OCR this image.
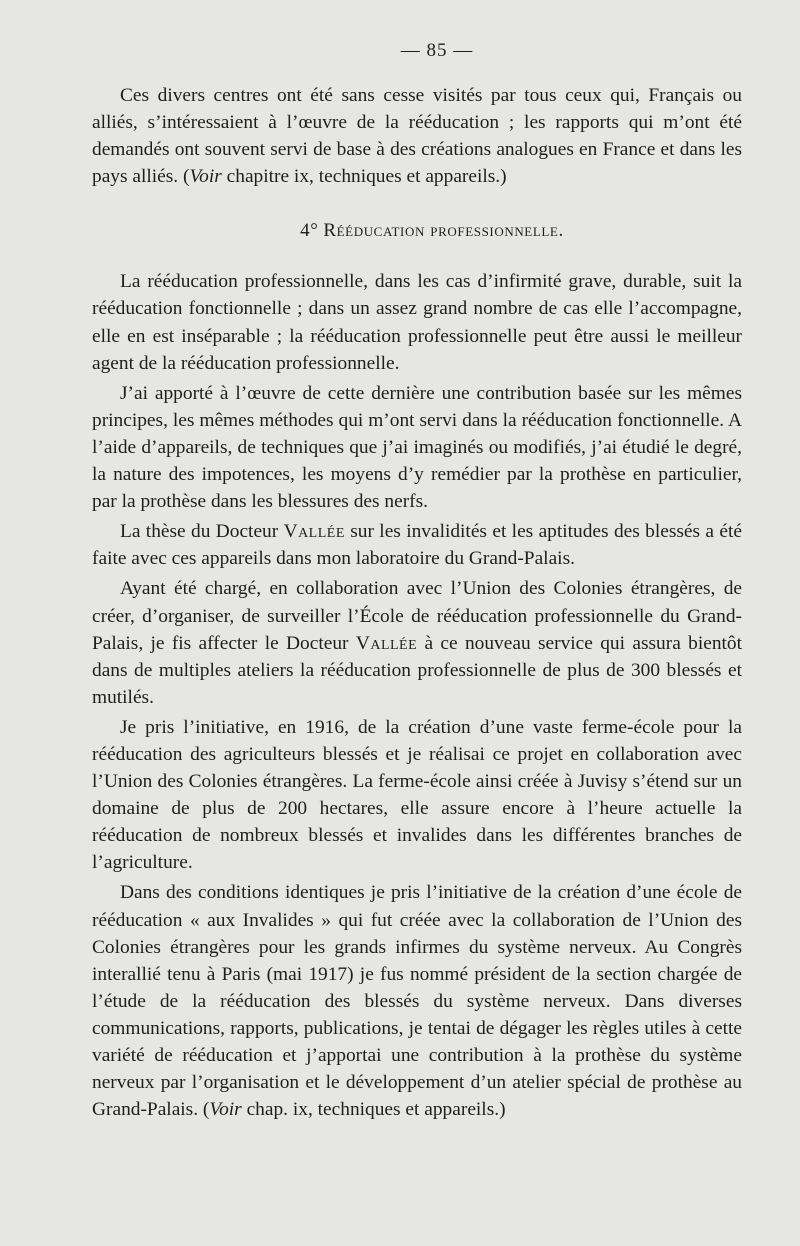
— 85 —

Ces divers centres ont été sans cesse visités par tous ceux qui, Français ou alliés, s’intéressaient à l’œuvre de la rééducation ; les rapports qui m’ont été demandés ont souvent servi de base à des créations analogues en France et dans les pays alliés. (Voir chapitre ix, techniques et appareils.)

4° Rééducation professionnelle.

La rééducation professionnelle, dans les cas d’infirmité grave, durable, suit la rééducation fonctionnelle ; dans un assez grand nombre de cas elle l’accompagne, elle en est inséparable ; la rééducation professionnelle peut être aussi le meilleur agent de la rééducation professionnelle.

J’ai apporté à l’œuvre de cette dernière une contribution basée sur les mêmes principes, les mêmes méthodes qui m’ont servi dans la rééducation fonctionnelle. A l’aide d’appareils, de techniques que j’ai imaginés ou modifiés, j’ai étudié le degré, la nature des impotences, les moyens d’y remédier par la prothèse en particulier, par la prothèse dans les blessures des nerfs.

La thèse du Docteur Vallée sur les invalidités et les aptitudes des blessés a été faite avec ces appareils dans mon laboratoire du Grand-Palais.

Ayant été chargé, en collaboration avec l’Union des Colonies étrangères, de créer, d’organiser, de surveiller l’École de rééducation professionnelle du Grand-Palais, je fis affecter le Docteur Vallée à ce nouveau service qui assura bientôt dans de multiples ateliers la rééducation professionnelle de plus de 300 blessés et mutilés.

Je pris l’initiative, en 1916, de la création d’une vaste ferme-école pour la rééducation des agriculteurs blessés et je réalisai ce projet en collaboration avec l’Union des Colonies étrangères. La ferme-école ainsi créée à Juvisy s’étend sur un domaine de plus de 200 hectares, elle assure encore à l’heure actuelle la rééducation de nombreux blessés et invalides dans les différentes branches de l’agriculture.

Dans des conditions identiques je pris l’initiative de la création d’une école de rééducation « aux Invalides » qui fut créée avec la collaboration de l’Union des Colonies étrangères pour les grands infirmes du système nerveux. Au Congrès interallié tenu à Paris (mai 1917) je fus nommé président de la section chargée de l’étude de la rééducation des blessés du système nerveux. Dans diverses communications, rapports, publications, je tentai de dégager les règles utiles à cette variété de rééducation et j’apportai une contribution à la prothèse du système nerveux par l’organisation et le développement d’un atelier spécial de prothèse au Grand-Palais. (Voir chap. ix, techniques et appareils.)
